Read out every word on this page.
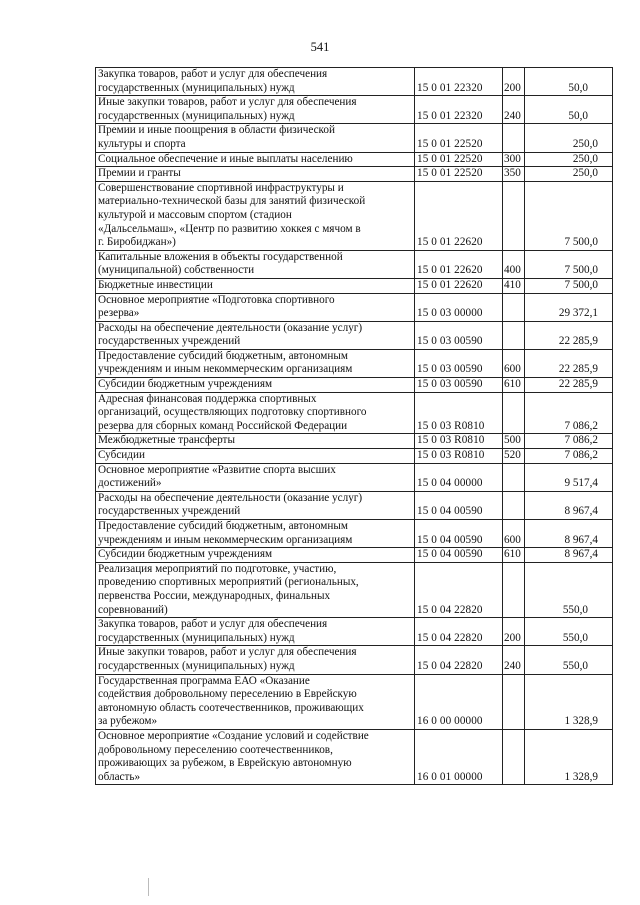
541
Закупка товаров, работ и услуг для обеспечения
государственных (муниципальных) нужд	15 0 01 22320	200	50,0
Иные закупки товаров, работ и услуг для обеспечения
государственных (муниципальных) нужд	15 0 01 22320	240	50,0
Премии и иные поощрения в области физической
культуры и спорта	15 0 01 22520		250,0
Социальное обеспечение и иные выплаты населению	15 0 01 22520	300	250,0
Премии и гранты	15 0 01 22520	350	250,0
Совершенствование спортивной инфраструктуры и
материально-технической базы для занятий физической
культурой и массовым спортом (стадион
«Дальсельмаш», «Центр по развитию хоккея с мячом в
г. Биробиджан»)	15 0 01 22620		7 500,0
Капитальные вложения в объекты государственной
(муниципальной) собственности	15 0 01 22620	400	7 500,0
Бюджетные инвестиции	15 0 01 22620	410	7 500,0
Основное мероприятие «Подготовка спортивного
резерва»	15 0 03 00000		29 372,1
Расходы на обеспечение деятельности (оказание услуг)
государственных учреждений	15 0 03 00590		22 285,9
Предоставление субсидий бюджетным, автономным
учреждениям и иным некоммерческим организациям	15 0 03 00590	600	22 285,9
Субсидии бюджетным учреждениям	15 0 03 00590	610	22 285,9
Адресная финансовая поддержка спортивных
организаций, осуществляющих подготовку спортивного
резерва для сборных команд Российской Федерации	15 0 03 R0810		7 086,2
Межбюджетные трансферты	15 0 03 R0810	500	7 086,2
Субсидии	15 0 03 R0810	520	7 086,2
Основное мероприятие «Развитие спорта высших
достижений»	15 0 04 00000		9 517,4
Расходы на обеспечение деятельности (оказание услуг)
государственных учреждений	15 0 04 00590		8 967,4
Предоставление субсидий бюджетным, автономным
учреждениям и иным некоммерческим организациям	15 0 04 00590	600	8 967,4
Субсидии бюджетным учреждениям	15 0 04 00590	610	8 967,4
Реализация мероприятий по подготовке, участию,
проведению спортивных мероприятий (региональных,
первенства России, международных, финальных
соревнований)	15 0 04 22820		550,0
Закупка товаров, работ и услуг для обеспечения
государственных (муниципальных) нужд	15 0 04 22820	200	550,0
Иные закупки товаров, работ и услуг для обеспечения
государственных (муниципальных) нужд	15 0 04 22820	240	550,0
Государственная программа ЕАО «Оказание
содействия добровольному переселению в Еврейскую
автономную область соотечественников, проживающих
за рубежом»	16 0 00 00000		1 328,9
Основное мероприятие «Создание условий и содействие
добровольному переселению соотечественников,
проживающих за рубежом, в Еврейскую автономную
область»	16 0 01 00000		1 328,9
